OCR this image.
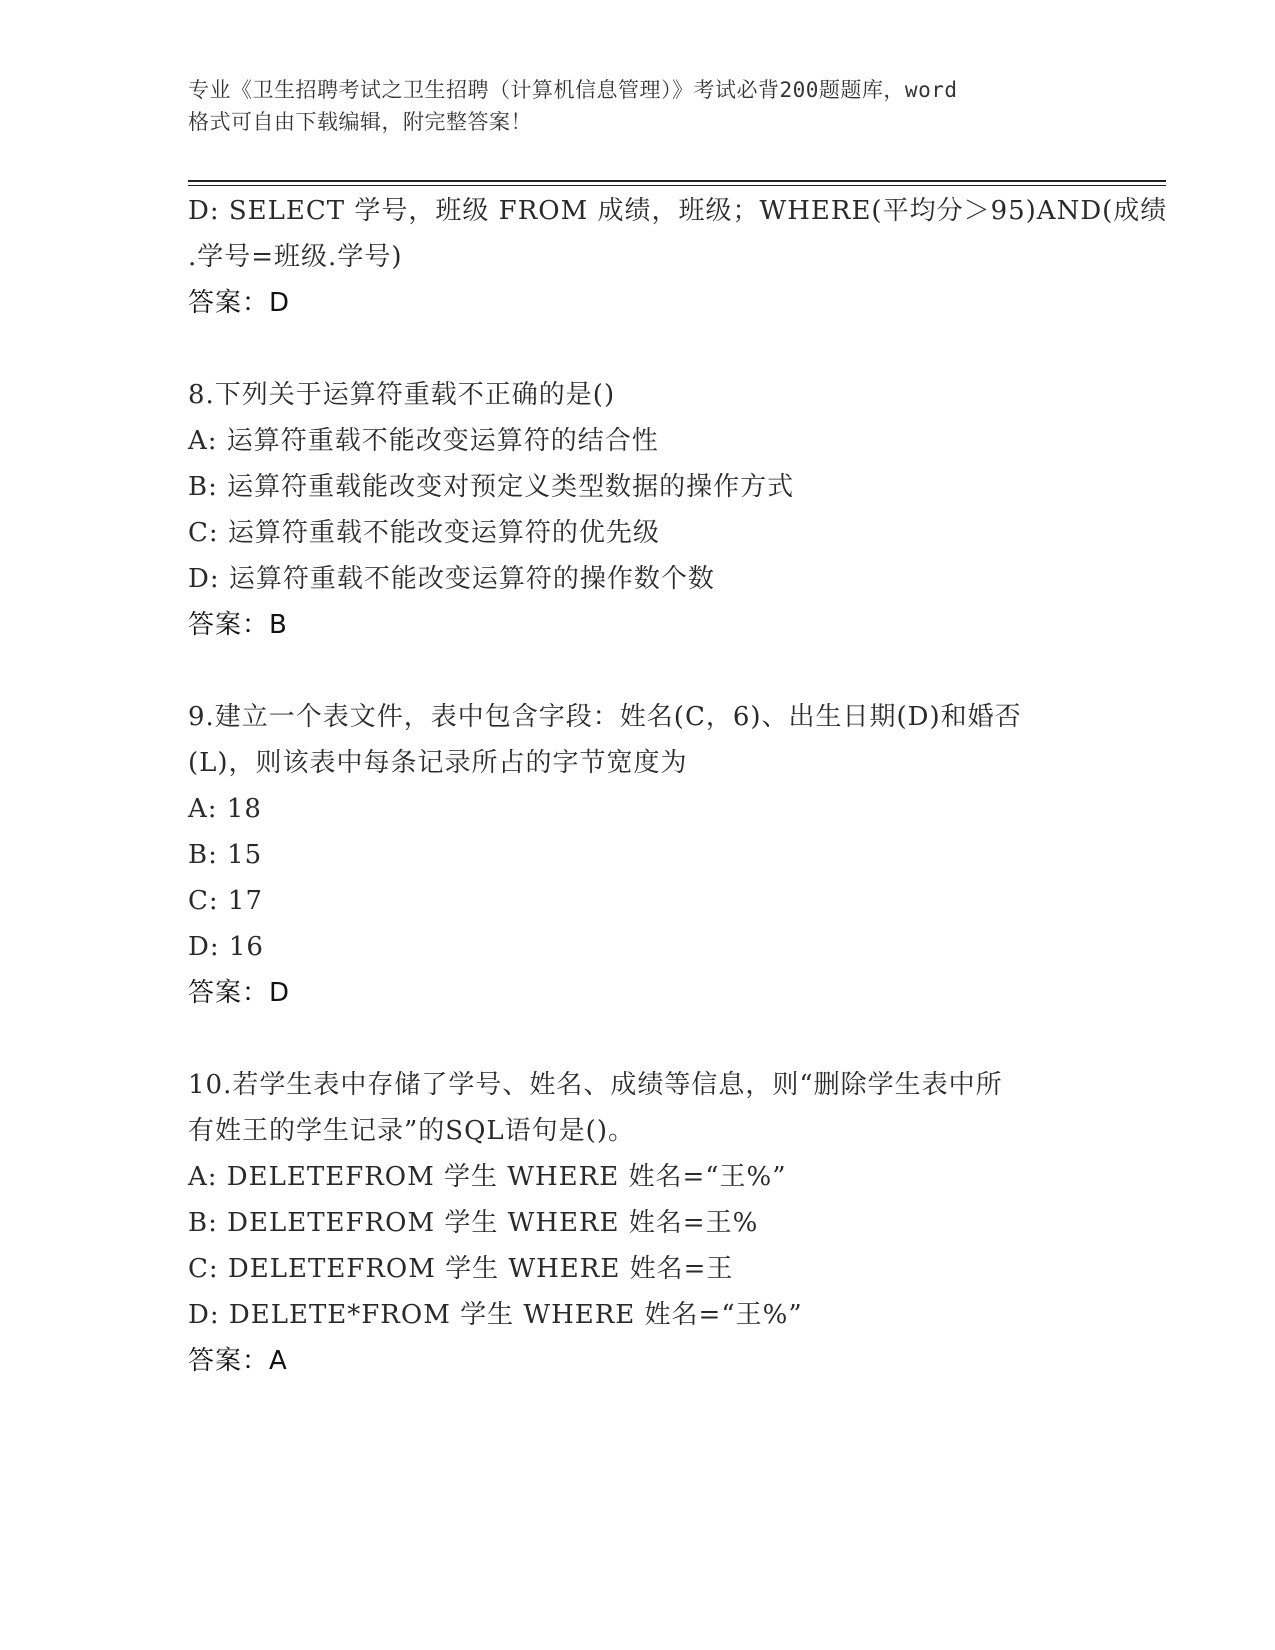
专业《卫生招聘考试之卫生招聘（计算机信息管理）》考试必背200题题库，word
格式可自由下载编辑，附完整答案！
D: SELECT 学号，班级 FROM 成绩，班级；WHERE(平均分＞95)AND(成绩
.学号=班级.学号)
答案：D
8.下列关于运算符重载不正确的是()
A: 运算符重载不能改变运算符的结合性
B: 运算符重载能改变对预定义类型数据的操作方式
C: 运算符重载不能改变运算符的优先级
D: 运算符重载不能改变运算符的操作数个数
答案：B
9.建立一个表文件，表中包含字段：姓名(C，6)、出生日期(D)和婚否
(L)，则该表中每条记录所占的字节宽度为
A: 18
B: 15
C: 17
D: 16
答案：D
10.若学生表中存储了学号、姓名、成绩等信息，则“删除学生表中所
有姓王的学生记录”的SQL语句是()。
A: DELETEFROM 学生 WHERE 姓名=“王%”
B: DELETEFROM 学生 WHERE 姓名=王%
C: DELETEFROM 学生 WHERE 姓名=王
D: DELETE*FROM 学生 WHERE 姓名=“王%”
答案：A
